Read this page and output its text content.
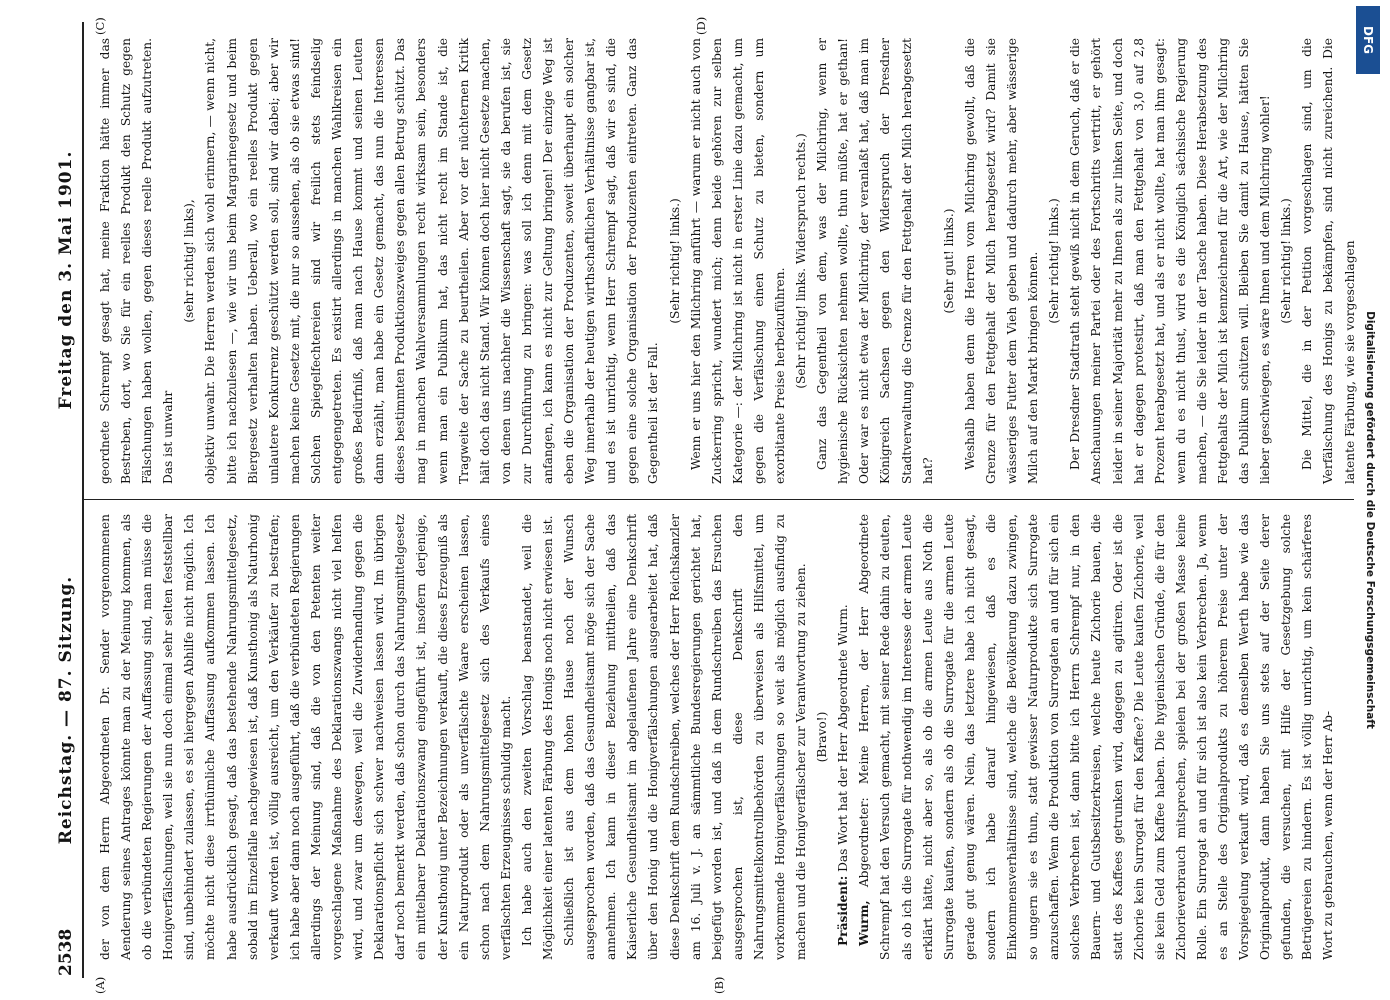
2538
Reichstag. — 87. Sitzung.
Freitag den 3. Mai 1901.
(A)	(B)
(C)	(D)

der von dem Herrn Abgeordneten Dr. Sender vorgenommenen Aenderung seines Antrages könnte man zu der Meinung kommen, als ob die verbündeten Regierungen der Auffassung sind, man müsse die Honigverfälschungen, weil sie nun doch einmal sehr selten feststellbar sind, unbehindert zulassen, es sei hiergegen Abhilfe nicht möglich. Ich möchte nicht diese irrthümliche Auffassung aufkommen lassen. Ich habe ausdrücklich gesagt, daß das bestehende Nahrungsmittelgesetz, sobald im Einzelfalle nachgewiesen ist, daß Kunsthonig als Naturhonig verkauft worden ist, völlig ausreicht, um den Verkäufer zu bestrafen; ich habe aber dann noch ausgeführt, daß die verbündeten Regierungen allerdings der Meinung sind, daß die von den Petenten weiter vorgeschlagene Maßnahme des Deklarationszwangs nicht viel helfen wird, und zwar um deswegen, weil die Zuwiderhandlung gegen die Deklarationspflicht sich schwer nachweisen lassen wird. Im übrigen darf noch bemerkt werden, daß schon durch das Nahrungsmittelgesetz ein mittelbarer Deklarationszwang eingeführt ist, insofern derjenige, der Kunsthonig unter Bezeichnungen verkauft, die dieses Erzeugniß als ein Naturprodukt oder als unverfälschte Waare erscheinen lassen, schon nach dem Nahrungsmittelgesetz sich des Verkaufs eines verfälschten Erzeugnisses schuldig macht. Ich habe auch den zweiten Vorschlag beanstandet, weil die Möglichkeit einer latenten Färbung des Honigs noch nicht erwiesen ist. Schließlich ist aus dem hohen Hause noch der Wunsch ausgesprochen worden, daß das Gesundheitsamt möge sich der Sache annehmen. Ich kann in dieser Beziehung mittheilen, daß das Kaiserliche Gesundheitsamt im abgelaufenen Jahre eine Denkschrift über den Honig und die Honigverfälschungen ausgearbeitet hat, daß diese Denkschrift dem Rundschreiben, welches der Herr Reichskanzler am 16. Juli v. J. an sämmtliche Bundesregierungen gerichtet hat, beigefügt worden ist, und daß in dem Rundschreiben das Ersuchen ausgesprochen ist, diese Denkschrift den Nahrungsmittelkontrollbehörden zu überweisen als Hilfsmittel, um vorkommende Honigverfälschungen so weit als möglich ausfindig zu machen und die Honigverfälscher zur Verantwortung zu ziehen. (Bravo!)

Präsident: Das Wort hat der Herr Abgeordnete Wurm.

Wurm, Abgeordneter: Meine Herren, der Herr Abgeordnete Schrempf hat den Versuch gemacht, mit seiner Rede dahin zu deuten, als ob ich die Surrogate für nothwendig im Interesse der armen Leute erklärt hätte, nicht aber so, als ob die armen Leute aus Noth die Surrogate kaufen, sondern als ob die Surrogate für die armen Leute gerade gut genug wären. Nein, das letztere habe ich nicht gesagt, sondern ich habe darauf hingewiesen, daß es die Einkommensverhältnisse sind, welche die Bevölkerung dazu zwingen, so ungern sie es thun, statt gewisser Naturprodukte sich Surrogate anzuschaffen. Wenn die Produktion von Surrogaten an und für sich ein solches Verbrechen ist, dann bitte ich Herrn Schrempf nur, in den Bauern- und Gutsbesitzerkreisen, welche heute Zichorie bauen, die statt des Kaffees getrunken wird, dagegen zu agitiren. Oder ist die Zichorie kein Surrogat für den Kaffee? Die Leute kaufen Zichorie, weil sie kein Geld zum Kaffee haben. Die hygienischen Gründe, die für den Zichorieverbrauch mitsprechen, spielen bei der großen Masse keine Rolle. Ein Surrogat an und für sich ist also kein Verbrechen. Ja, wenn es an Stelle des Originalprodukts zu höherem Preise unter der Vorspiegelung verkauft wird, daß es denselben Werth habe wie das Originalprodukt, dann haben Sie uns stets auf der Seite derer gefunden, die versuchen, mit Hilfe der Gesetzgebung solche Betrügereien zu hindern. Es ist völlig unrichtig, um kein schärferes Wort zu gebrauchen, wenn der Herr Ab-

geordnete Schrempf gesagt hat, meine Fraktion hätte immer das Bestreben, dort, wo Sie für ein reelles Produkt den Schutz gegen Fälschungen haben wollen, gegen dieses reelle Produkt aufzutreten. Das ist unwahr

(sehr richtig! links), objektiv unwahr. Die Herren werden sich wohl erinnern, — wenn nicht, bitte ich nachzulesen —, wie wir uns beim Margarinegesetz und beim Biergesetz verhalten haben. Ueberall, wo ein reelles Produkt gegen unlautere Konkurrenz geschützt werden soll, sind wir dabei; aber wir machen keine Gesetze mit, die nur so aussehen, als ob sie etwas sind! Solchen Spiegelfechtereien sind wir freilich stets feindselig entgegengetreten. Es existirt allerdings in manchen Wahlkreisen ein großes Bedürfniß, daß man nach Hause kommt und seinen Leuten dann erzählt, man habe ein Gesetz gemacht, das nun die Interessen dieses bestimmten Produktionszweiges gegen allen Betrug schützt. Das mag in manchen Wahlversammlungen recht wirksam sein, besonders wenn man ein Publikum hat, das nicht recht im Stande ist, die Tragweite der Sache zu beurtheilen. Aber vor der nüchternen Kritik hält doch das nicht Stand. Wir können doch hier nicht Gesetze machen, von denen uns nachher die Wissenschaft sagt, sie da berufen ist, sie zur Durchführung zu bringen: was soll ich denn mit dem Gesetz anfangen, ich kann es nicht zur Geltung bringen! Der einzige Weg ist eben die Organisation der Produzenten, soweit überhaupt ein solcher Weg innerhalb der heutigen wirthschaftlichen Verhältnisse gangbar ist, und es ist unrichtig, wenn Herr Schrempf sagt, daß wir es sind, die gegen eine solche Organisation der Produzenten eintreten. Ganz das Gegentheil ist der Fall.

(Sehr richtig! links.) Wenn er uns hier den Milchring anführt — warum er nicht auch von Zuckerring spricht, wundert mich; denn beide gehören zur selben Kategorie —: der Milchring ist nicht in erster Linie dazu gemacht, um gegen die Verfälschung einen Schutz zu bieten, sondern um exorbitante Preise herbeizuführen. (Sehr richtig! links. Widerspruch rechts.) Ganz das Gegentheil von dem, was der Milchring, wenn er hygienische Rücksichten nehmen wollte, thun müßte, hat er gethan! Oder war es nicht etwa der Milchring, der veranlaßt hat, daß man im Königreich Sachsen gegen den Widerspruch der Dresdner Stadtverwaltung die Grenze für den Fettgehalt der Milch herabgesetzt hat?

(Sehr gut! links.) Weshalb haben denn die Herren vom Milchring gewollt, daß die Grenze für den Fettgehalt der Milch herabgesetzt wird? Damit sie wässeriges Futter dem Vieh geben und dadurch mehr, aber wässerige Milch auf den Markt bringen können. (Sehr richtig! links.) Der Dresdner Stadtrath steht gewiß nicht in dem Geruch, daß er die Anschauungen meiner Partei oder des Fortschritts vertritt, er gehört leider in seiner Majorität mehr zu Ihnen als zur linken Seite, und doch hat er dagegen protestirt, daß man den Fettgehalt von 3,0 auf 2,8 Prozent herabgesetzt hat, und als er nicht wollte, hat man ihm gesagt: wenn du es nicht thust, wird es die Königlich sächsische Regierung machen, — die Sie leider in der Tasche haben. Diese Herabsetzung des Fettgehalts der Milch ist kennzeichnend für die Art, wie der Milchring das Publikum schützen will. Bleiben Sie damit zu Hause, hätten Sie lieber geschwiegen, es wäre Ihnen und dem Milchring wohler! (Sehr richtig! links.) Die Mittel, die in der Petition vorgeschlagen sind, um die Verfälschung des Honigs zu bekämpfen, sind nicht zureichend. Die latente Färbung, wie sie vorgeschlagen

DFG
Digitalisierung gefördert durch die Deutsche Forschungsgemeinschaft
